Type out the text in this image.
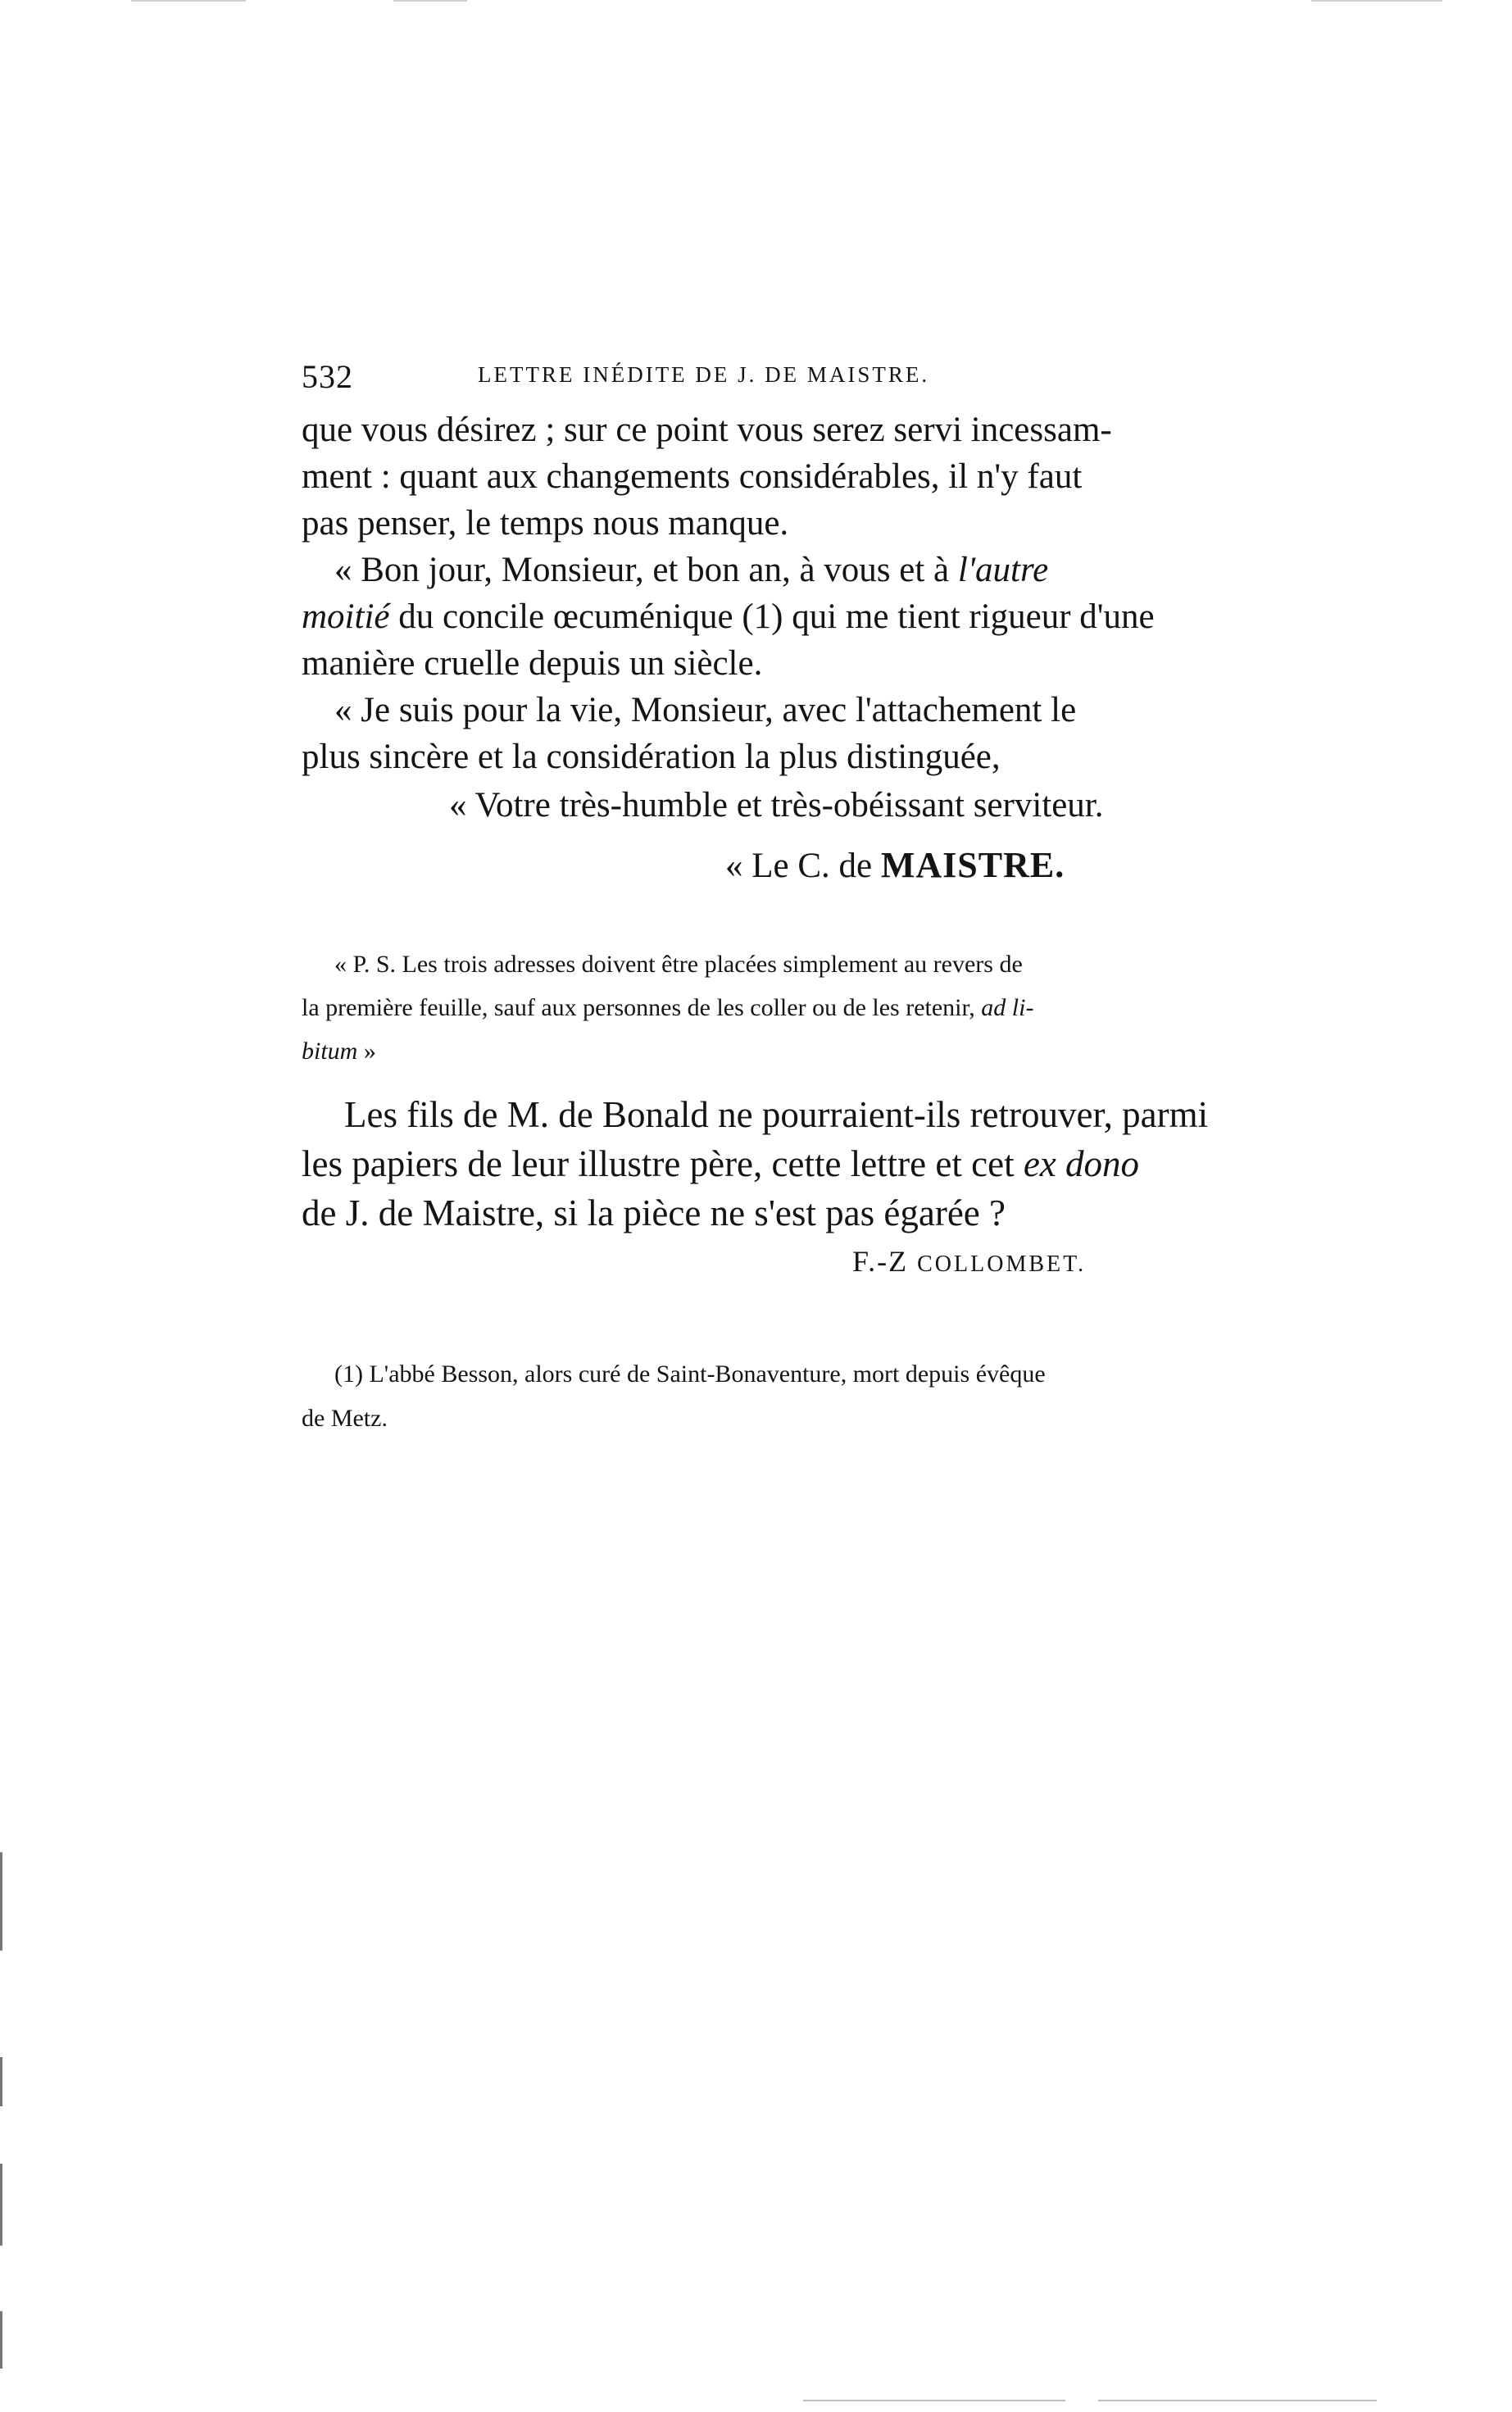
532	LETTRE INÉDITE DE J. DE MAISTRE.
que vous désirez ; sur ce point vous serez servi incessam-
ment : quant aux changements considérables, il n'y faut
pas penser, le temps nous manque.
« Bon jour, Monsieur, et bon an, à vous et à l'autre
moitié du concile œcuménique (1) qui me tient rigueur d'une
manière cruelle depuis un siècle.
« Je suis pour la vie, Monsieur, avec l'attachement le
plus sincère et la considération la plus distinguée,
« Votre très-humble et très-obéissant serviteur.
« Le C. de MAISTRE.
« P. S. Les trois adresses doivent être placées simplement au revers de
la première feuille, sauf aux personnes de les coller ou de les retenir, ad li-
bitum »
Les fils de M. de Bonald ne pourraient-ils retrouver, parmi
les papiers de leur illustre père, cette lettre et cet ex dono
de J. de Maistre, si la pièce ne s'est pas égarée ?
F.-Z COLLOMBET.
(1) L'abbé Besson, alors curé de Saint-Bonaventure, mort depuis évêque
de Metz.
